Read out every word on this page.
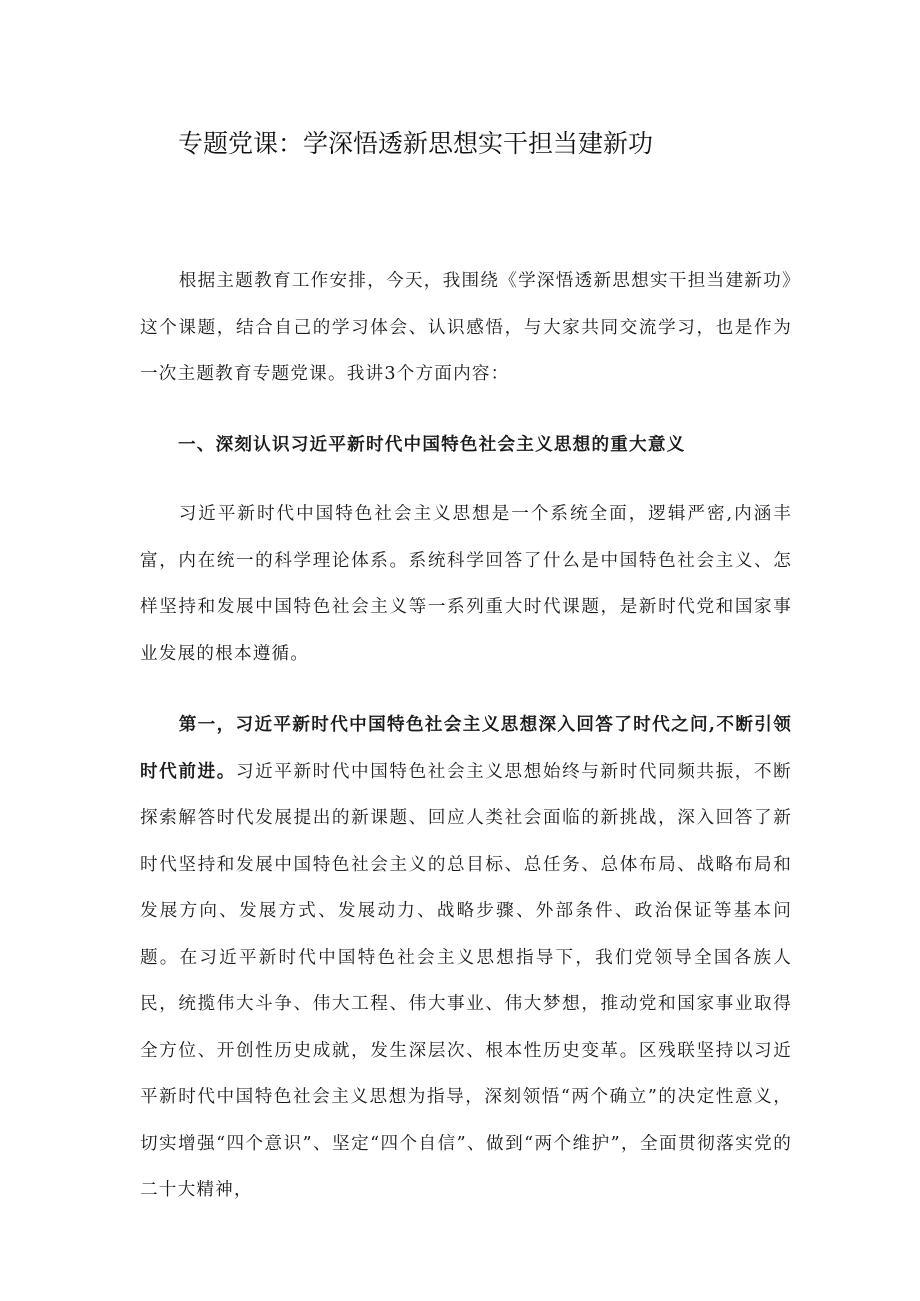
专题党课：学深悟透新思想实干担当建新功

根据主题教育工作安排，今天，我围绕《学深悟透新思想实干担当建新功》这个课题，结合自己的学习体会、认识感悟，与大家共同交流学习，也是作为一次主题教育专题党课。我讲3个方面内容：

一、深刻认识习近平新时代中国特色社会主义思想的重大意义

习近平新时代中国特色社会主义思想是一个系统全面，逻辑严密,内涵丰富，内在统一的科学理论体系。系统科学回答了什么是中国特色社会主义、怎样坚持和发展中国特色社会主义等一系列重大时代课题，是新时代党和国家事业发展的根本遵循。

第一，习近平新时代中国特色社会主义思想深入回答了时代之问,不断引领时代前进。习近平新时代中国特色社会主义思想始终与新时代同频共振，不断探索解答时代发展提出的新课题、回应人类社会面临的新挑战，深入回答了新时代坚持和发展中国特色社会主义的总目标、总任务、总体布局、战略布局和发展方向、发展方式、发展动力、战略步骤、外部条件、政治保证等基本问题。在习近平新时代中国特色社会主义思想指导下，我们党领导全国各族人民，统揽伟大斗争、伟大工程、伟大事业、伟大梦想，推动党和国家事业取得全方位、开创性历史成就，发生深层次、根本性历史变革。区残联坚持以习近平新时代中国特色社会主义思想为指导，深刻领悟“两个确立”的决定性意义，切实增强“四个意识”、坚定“四个自信”、做到“两个维护”，全面贯彻落实党的二十大精神，
